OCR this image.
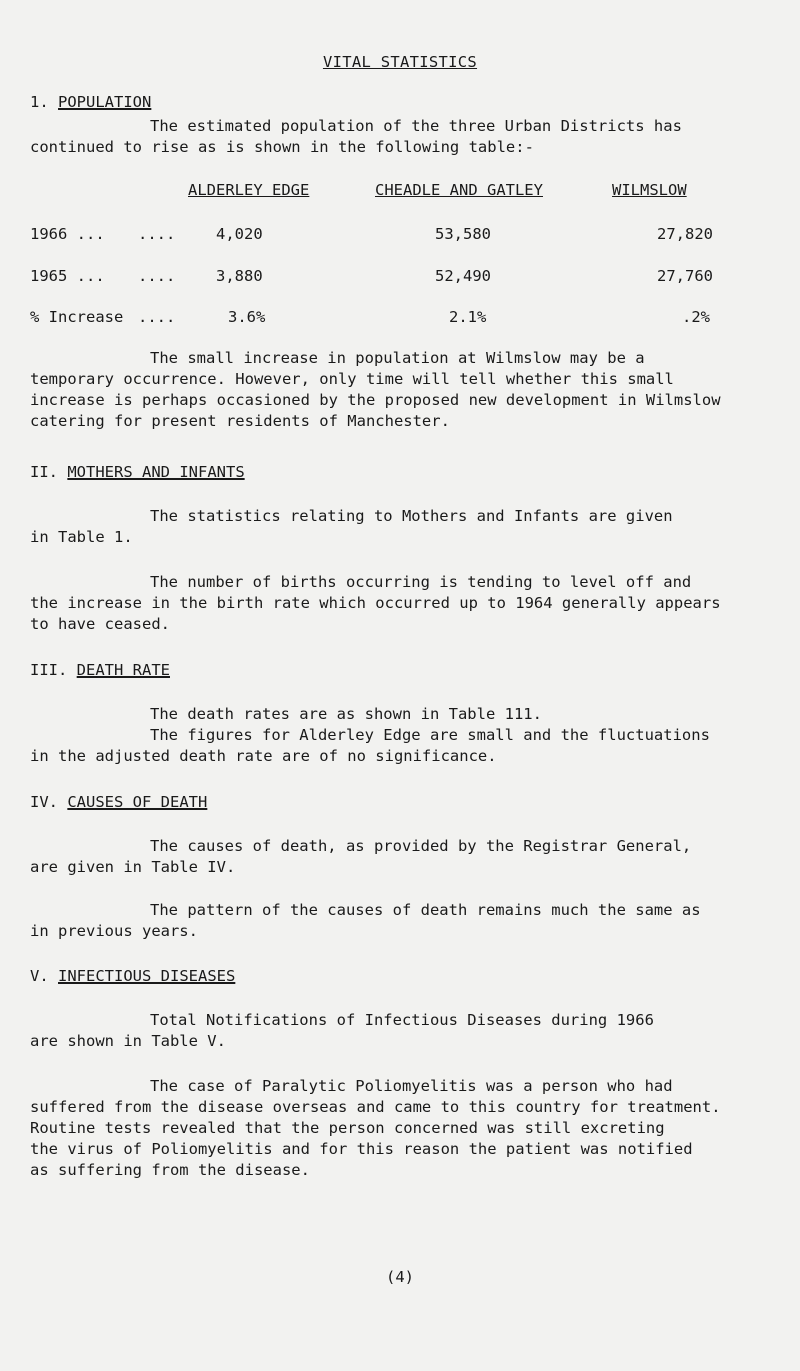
VITAL STATISTICS
1. POPULATION
The estimated population of the three Urban Districts has
continued to rise as is shown in the following table:-
ALDERLEY EDGE	CHEADLE AND GATLEY	WILMSLOW
1966 ... ....	4,020	53,580	27,820
1965 ... ....	3,880	52,490	27,760
% Increase ....	3.6%	2.1%	.2%
The small increase in population at Wilmslow may be a
temporary occurrence. However, only time will tell whether this small
increase is perhaps occasioned by the proposed new development in Wilmslow
catering for present residents of Manchester.
II. MOTHERS AND INFANTS
The statistics relating to Mothers and Infants are given
in Table 1.
The number of births occurring is tending to level off and
the increase in the birth rate which occurred up to 1964 generally appears
to have ceased.
III. DEATH RATE
The death rates are as shown in Table 111.
The figures for Alderley Edge are small and the fluctuations
in the adjusted death rate are of no significance.
IV. CAUSES OF DEATH
The causes of death, as provided by the Registrar General,
are given in Table IV.
The pattern of the causes of death remains much the same as
in previous years.
V. INFECTIOUS DISEASES
Total Notifications of Infectious Diseases during 1966
are shown in Table V.
The case of Paralytic Poliomyelitis was a person who had
suffered from the disease overseas and came to this country for treatment.
Routine tests revealed that the person concerned was still excreting
the virus of Poliomyelitis and for this reason the patient was notified
as suffering from the disease.
(4)
